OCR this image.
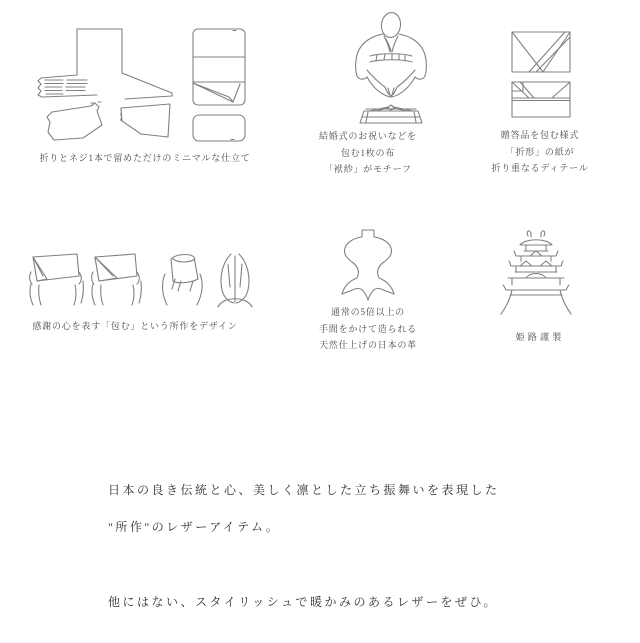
折りとネジ1本で留めただけのミニマルな仕立て
結婚式のお祝いなどを
包む1枚の布
「袱紗」がモチーフ
贈答品を包む様式
「折形」の紙が
折り重なるディテール
感謝の心を表す「包む」という所作をデザイン
通常の5倍以上の
手間をかけて造られる
天然仕上げの日本の革
姫路謹製
日本の良き伝統と心、美しく凛とした立ち振舞いを表現した
"所作"のレザーアイテム。
他にはない、スタイリッシュで暖かみのあるレザーをぜひ。
